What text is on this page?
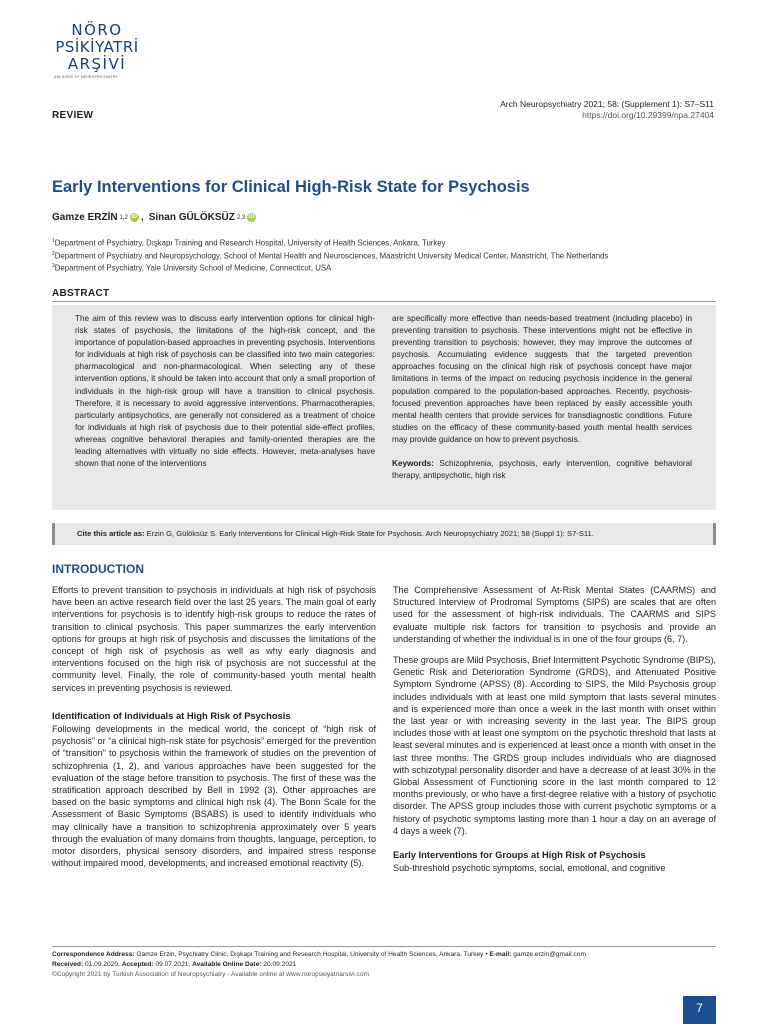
NÖRO
PSİKİYATRİ
ARŞİVİ
ARCHIVES OF NEUROPSYCHIATRY
REVIEW
Arch Neuropsychiatry 2021; 58: (Supplement 1): S7–S11
https://doi.org/10.29399/npa.27404
Early Interventions for Clinical High-Risk State for Psychosis
Gamze ERZİN 1,2 iD , Sinan GÜLÖKSÜZ 2,3 iD
$^1$Department of Psychiatry, Dışkapı Training and Research Hospital, University of Health Sciences, Ankara, Turkey
$^2$Department of Psychiatry and Neuropsychology, School of Mental Health and Neurosciences, Maastricht University Medical Center, Maastricht, The Netherlands
$^3$Department of Psychiatry, Yale University School of Medicine, Connecticut, USA
ABSTRACT
The aim of this review was to discuss early intervention options for clinical high-risk states of psychosis, the limitations of the high-risk concept, and the importance of population-based approaches in preventing psychosis. Interventions for individuals at high risk of psychosis can be classified into two main categories: pharmacological and non-pharmacological. When selecting any of these intervention options, it should be taken into account that only a small proportion of individuals in the high-risk group will have a transition to clinical psychosis. Therefore, it is necessary to avoid aggressive interventions. Pharmacotherapies, particularly antipsychotics, are generally not considered as a treatment of choice for individuals at high risk of psychosis due to their potential side-effect profiles, whereas cognitive behavioral therapies and family-oriented therapies are the leading alternatives with virtually no side effects. However, meta-analyses have shown that none of the interventions
are specifically more effective than needs-based treatment (including placebo) in preventing transition to psychosis. These interventions might not be effective in preventing transition to psychosis; however, they may improve the outcomes of psychosis. Accumulating evidence suggests that the targeted prevention approaches focusing on the clinical high risk of psychosis concept have major limitations in terms of the impact on reducing psychosis incidence in the general population compared to the population-based approaches. Recently, psychosis-focused prevention approaches have been replaced by easily accessible youth mental health centers that provide services for transdiagnostic conditions. Future studies on the efficacy of these community-based youth mental health services may provide guidance on how to prevent psychosis.
Keywords: Schizophrenia, psychosis, early intervention, cognitive behavioral therapy, antipsychotic, high risk
Cite this article as: Erzin G, Gülöksüz S. Early Interventions for Clinical High-Risk State for Psychosis. Arch Neuropsychiatry 2021; 58 (Suppl 1): S7-S11.
INTRODUCTION

Efforts to prevent transition to psychosis in individuals at high risk of psychosis have been an active research field over the last 25 years. The main goal of early interventions for psychosis is to identify high-risk groups to reduce the rates of transition to clinical psychosis. This paper summarizes the early intervention options for groups at high risk of psychosis and discusses the limitations of the concept of high risk of psychosis as well as why early diagnosis and interventions focused on the high risk of psychosis are not successful at the community level. Finally, the role of community-based youth mental health services in preventing psychosis is reviewed.

Identification of Individuals at High Risk of Psychosis

Following developments in the medical world, the concept of “high risk of psychosis” or “a clinical high-risk state for psychosis” emerged for the prevention of “transition” to psychosis within the framework of studies on the prevention of schizophrenia (1, 2), and various approaches have been suggested for the evaluation of the stage before transition to psychosis. The first of these was the stratification approach described by Bell in 1992 (3). Other approaches are based on the basic symptoms and clinical high risk (4). The Bonn Scale for the Assessment of Basic Symptoms (BSABS) is used to identify individuals who may clinically have a transition to schizophrenia approximately over 5 years through the evaluation of many domains from thoughts, language, perception, to motor disorders, physical sensory disorders, and impaired stress response without impaired mood, developments, and increased emotional reactivity (5).

The Comprehensive Assessment of At-Risk Mental States (CAARMS) and Structured Interview of Prodromal Symptoms (SIPS) are scales that are often used for the assessment of high-risk individuals. The CAARMS and SIPS evaluate multiple risk factors for transition to psychosis and provide an understanding of whether the individual is in one of the four groups (6, 7).

These groups are Mild Psychosis, Brief Intermittent Psychotic Syndrome (BIPS), Genetic Risk and Deterioration Syndrome (GRDS), and Attenuated Positive Symptom Syndrome (APSS) (8). According to SIPS, the Mild Psychosis group includes individuals with at least one mild symptom that lasts several minutes and is experienced more than once a week in the last month with onset within the last year or with increasing severity in the last year. The BIPS group includes those with at least one symptom on the psychotic threshold that lasts at least several minutes and is experienced at least once a month with onset in the last three months. The GRDS group includes individuals who are diagnosed with schizotypal personality disorder and have a decrease of at least 30% in the Global Assessment of Functioning score in the last month compared to 12 months previously, or who have a first-degree relative with a history of psychotic disorder. The APSS group includes those with current psychotic symptoms or a history of psychotic symptoms lasting more than 1 hour a day on an average of 4 days a week (7).

Early Interventions for Groups at High Risk of Psychosis

Sub-threshold psychotic symptoms, social, emotional, and cognitive

Correspondence Address: Gamze Erzin, Psychiatry Clinic, Dışkapı Training and Research Hospital, University of Health Sciences, Ankara, Turkey • E-mail: gamze.erzin@gmail.com
Received: 01.09.2020, Accepted: 09.07.2021, Available Online Date: 20.09.2021
©Copyright 2021 by Turkish Association of Neuropsychiatry - Available online at www.noropskiyatriarsivi.com
7
